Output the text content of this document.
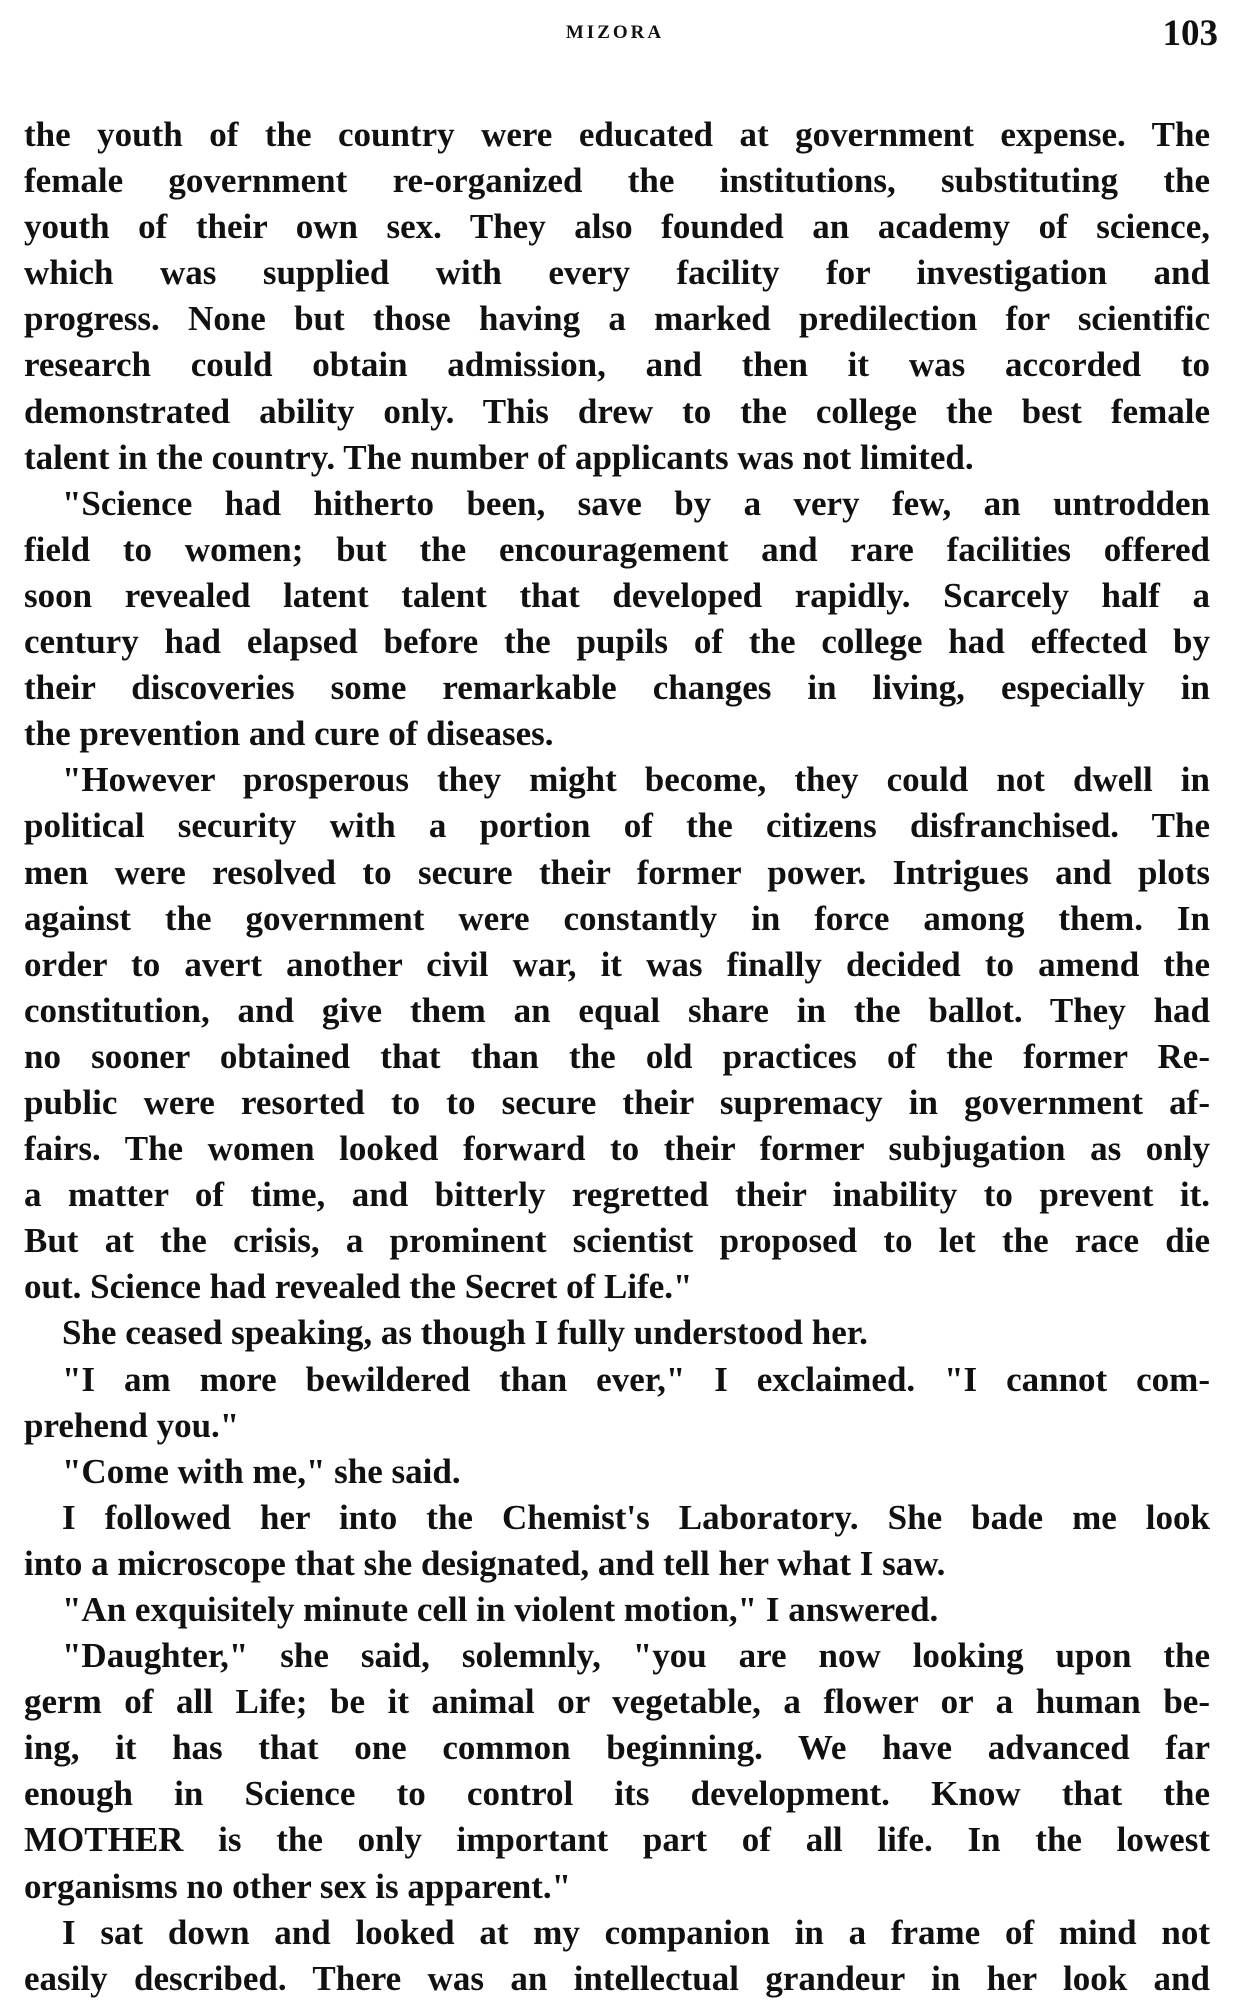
MIZORA	103
the youth of the country were educated at government expense. The
female government re-organized the institutions, substituting the
youth of their own sex. They also founded an academy of science,
which was supplied with every facility for investigation and
progress. None but those having a marked predilection for scientific
research could obtain admission, and then it was accorded to
demonstrated ability only. This drew to the college the best female
talent in the country. The number of applicants was not limited.
"Science had hitherto been, save by a very few, an untrodden
field to women; but the encouragement and rare facilities offered
soon revealed latent talent that developed rapidly. Scarcely half a
century had elapsed before the pupils of the college had effected by
their discoveries some remarkable changes in living, especially in
the prevention and cure of diseases.
"However prosperous they might become, they could not dwell in
political security with a portion of the citizens disfranchised. The
men were resolved to secure their former power. Intrigues and plots
against the government were constantly in force among them. In
order to avert another civil war, it was finally decided to amend the
constitution, and give them an equal share in the ballot. They had
no sooner obtained that than the old practices of the former Re-
public were resorted to to secure their supremacy in government af-
fairs. The women looked forward to their former subjugation as only
a matter of time, and bitterly regretted their inability to prevent it.
But at the crisis, a prominent scientist proposed to let the race die
out. Science had revealed the Secret of Life."
She ceased speaking, as though I fully understood her.
"I am more bewildered than ever," I exclaimed. "I cannot com-
prehend you."
"Come with me," she said.
I followed her into the Chemist's Laboratory. She bade me look
into a microscope that she designated, and tell her what I saw.
"An exquisitely minute cell in violent motion," I answered.
"Daughter," she said, solemnly, "you are now looking upon the
germ of all Life; be it animal or vegetable, a flower or a human be-
ing, it has that one common beginning. We have advanced far
enough in Science to control its development. Know that the
MOTHER is the only important part of all life. In the lowest
organisms no other sex is apparent."
I sat down and looked at my companion in a frame of mind not
easily described. There was an intellectual grandeur in her look and
